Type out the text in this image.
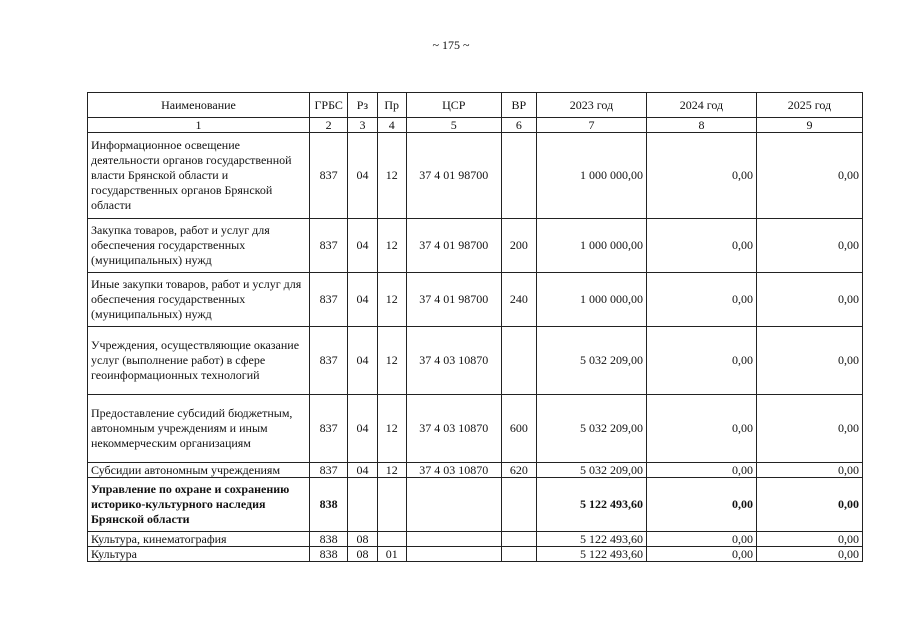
~ 175 ~
Наименование	ГРБС	Рз	Пр	ЦСР	ВР	2023 год	2024 год	2025 год
1	2	3	4	5	6	7	8	9
Информационное освещение деятельности органов государственной власти Брянской области и государственных органов Брянской области	837	04	12	37 4 01 98700		1 000 000,00	0,00	0,00
Закупка товаров, работ и услуг для обеспечения государственных (муниципальных) нужд	837	04	12	37 4 01 98700	200	1 000 000,00	0,00	0,00
Иные закупки товаров, работ и услуг для обеспечения государственных (муниципальных) нужд	837	04	12	37 4 01 98700	240	1 000 000,00	0,00	0,00
Учреждения, осуществляющие оказание услуг (выполнение работ) в сфере геоинформационных технологий	837	04	12	37 4 03 10870		5 032 209,00	0,00	0,00
Предоставление субсидий бюджетным, автономным учреждениям и иным некоммерческим организациям	837	04	12	37 4 03 10870	600	5 032 209,00	0,00	0,00
Субсидии автономным учреждениям	837	04	12	37 4 03 10870	620	5 032 209,00	0,00	0,00
Управление по охране и сохранению историко-культурного наследия Брянской области	838					5 122 493,60	0,00	0,00
Культура, кинематография	838	08				5 122 493,60	0,00	0,00
Культура	838	08	01			5 122 493,60	0,00	0,00
